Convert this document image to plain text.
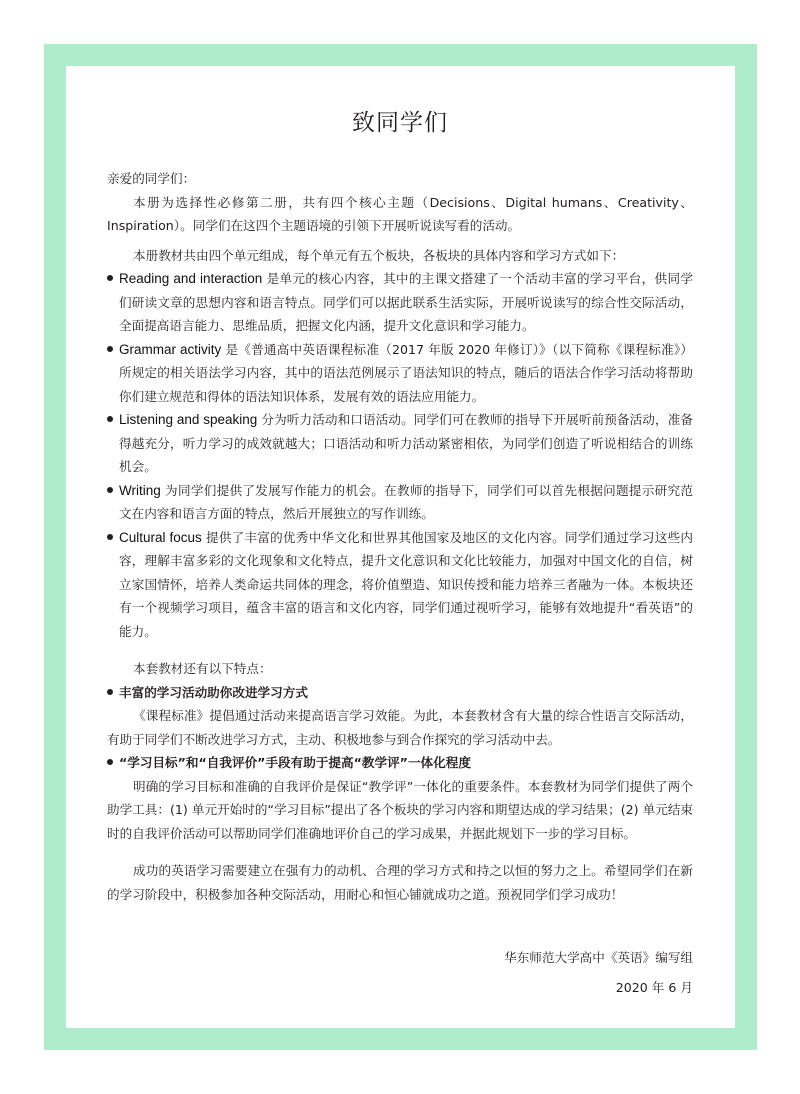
致同学们

亲爱的同学们：

本册为选择性必修第二册，共有四个核心主题（Decisions、Digital humans、Creativity、Inspiration）。同学们在这四个主题语境的引领下开展听说读写看的活动。

本册教材共由四个单元组成，每个单元有五个板块，各板块的具体内容和学习方式如下：

Reading and interaction 是单元的核心内容，其中的主课文搭建了一个活动丰富的学习平台，供同学们研读文章的思想内容和语言特点。同学们可以据此联系生活实际，开展听说读写的综合性交际活动，全面提高语言能力、思维品质，把握文化内涵，提升文化意识和学习能力。

Grammar activity 是《普通高中英语课程标准（2017 年版 2020 年修订）》（以下简称《课程标准》）所规定的相关语法学习内容，其中的语法范例展示了语法知识的特点，随后的语法合作学习活动将帮助你们建立规范和得体的语法知识体系，发展有效的语法应用能力。

Listening and speaking 分为听力活动和口语活动。同学们可在教师的指导下开展听前预备活动，准备得越充分，听力学习的成效就越大；口语活动和听力活动紧密相依，为同学们创造了听说相结合的训练机会。

Writing 为同学们提供了发展写作能力的机会。在教师的指导下，同学们可以首先根据问题提示研究范文在内容和语言方面的特点，然后开展独立的写作训练。

Cultural focus 提供了丰富的优秀中华文化和世界其他国家及地区的文化内容。同学们通过学习这些内容，理解丰富多彩的文化现象和文化特点，提升文化意识和文化比较能力，加强对中国文化的自信，树立家国情怀，培养人类命运共同体的理念，将价值塑造、知识传授和能力培养三者融为一体。本板块还有一个视频学习项目，蕴含丰富的语言和文化内容，同学们通过视听学习，能够有效地提升“看英语”的能力。

本套教材还有以下特点：

丰富的学习活动助你改进学习方式

《课程标准》提倡通过活动来提高语言学习效能。为此，本套教材含有大量的综合性语言交际活动，有助于同学们不断改进学习方式，主动、积极地参与到合作探究的学习活动中去。

“学习目标”和“自我评价”手段有助于提高“教学评”一体化程度

明确的学习目标和准确的自我评价是保证“教学评”一体化的重要条件。本套教材为同学们提供了两个助学工具：(1) 单元开始时的“学习目标”提出了各个板块的学习内容和期望达成的学习结果；(2) 单元结束时的自我评价活动可以帮助同学们准确地评价自己的学习成果，并据此规划下一步的学习目标。

成功的英语学习需要建立在强有力的动机、合理的学习方式和持之以恒的努力之上。希望同学们在新的学习阶段中，积极参加各种交际活动，用耐心和恒心铺就成功之道。预祝同学们学习成功！

华东师范大学高中《英语》编写组

2020 年 6 月
